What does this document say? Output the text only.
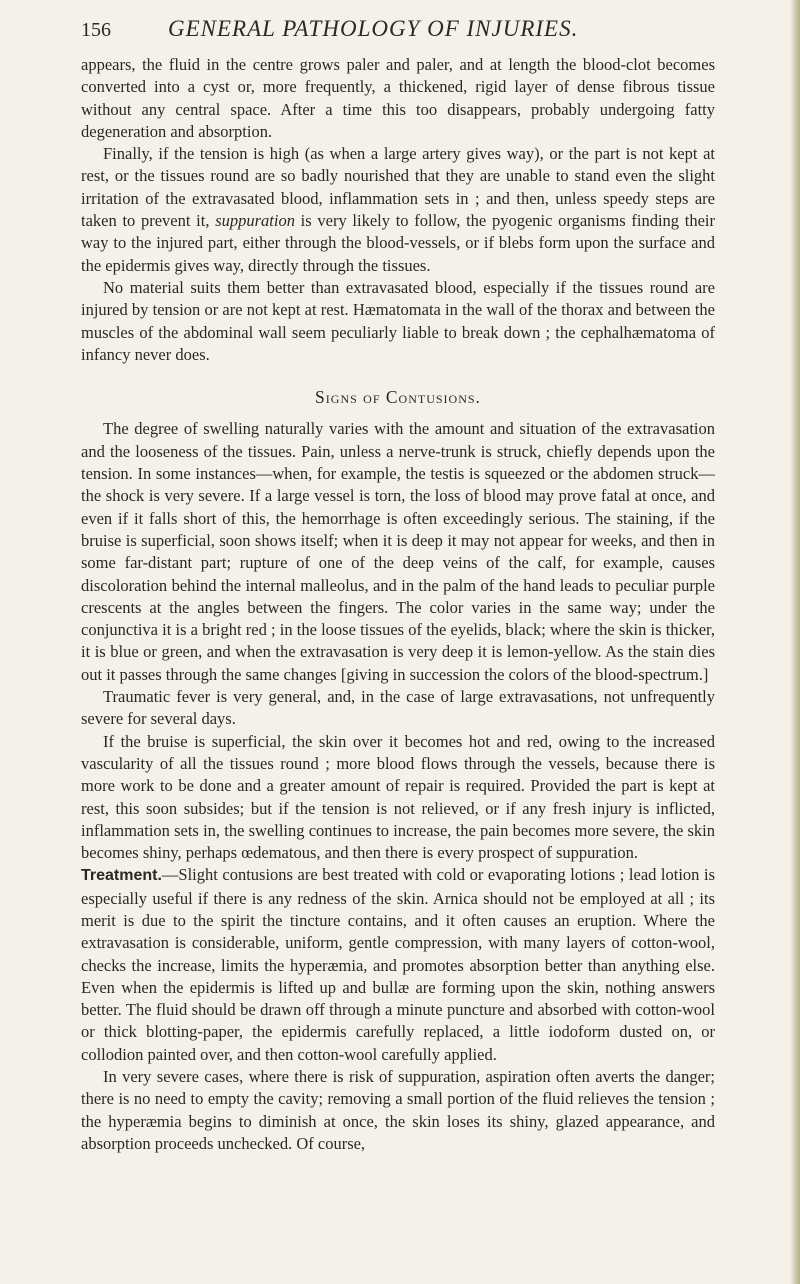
156	GENERAL PATHOLOGY OF INJURIES.

appears, the fluid in the centre grows paler and paler, and at length the blood-clot becomes converted into a cyst or, more frequently, a thickened, rigid layer of dense fibrous tissue without any central space. After a time this too disappears, probably undergoing fatty degeneration and absorption.

Finally, if the tension is high (as when a large artery gives way), or the part is not kept at rest, or the tissues round are so badly nourished that they are unable to stand even the slight irritation of the extravasated blood, inflammation sets in ; and then, unless speedy steps are taken to prevent it, suppuration is very likely to follow, the pyogenic organisms finding their way to the injured part, either through the blood-vessels, or if blebs form upon the surface and the epidermis gives way, directly through the tissues.

No material suits them better than extravasated blood, especially if the tissues round are injured by tension or are not kept at rest. Hæmatomata in the wall of the thorax and between the muscles of the abdominal wall seem peculiarly liable to break down ; the cephalhæmatoma of infancy never does.

Signs of Contusions.

The degree of swelling naturally varies with the amount and situation of the extravasation and the looseness of the tissues. Pain, unless a nerve-trunk is struck, chiefly depends upon the tension. In some instances—when, for example, the testis is squeezed or the abdomen struck—the shock is very severe. If a large vessel is torn, the loss of blood may prove fatal at once, and even if it falls short of this, the hemorrhage is often exceedingly serious. The staining, if the bruise is superficial, soon shows itself; when it is deep it may not appear for weeks, and then in some far-distant part; rupture of one of the deep veins of the calf, for example, causes discoloration behind the internal malleolus, and in the palm of the hand leads to peculiar purple crescents at the angles between the fingers. The color varies in the same way; under the conjunctiva it is a bright red ; in the loose tissues of the eyelids, black; where the skin is thicker, it is blue or green, and when the extravasation is very deep it is lemon-yellow. As the stain dies out it passes through the same changes [giving in succession the colors of the blood-spectrum.]

Traumatic fever is very general, and, in the case of large extravasations, not unfrequently severe for several days.

If the bruise is superficial, the skin over it becomes hot and red, owing to the increased vascularity of all the tissues round ; more blood flows through the vessels, because there is more work to be done and a greater amount of repair is required. Provided the part is kept at rest, this soon subsides; but if the tension is not relieved, or if any fresh injury is inflicted, inflammation sets in, the swelling continues to increase, the pain becomes more severe, the skin becomes shiny, perhaps œdematous, and then there is every prospect of suppuration.

Treatment.—Slight contusions are best treated with cold or evaporating lotions ; lead lotion is especially useful if there is any redness of the skin. Arnica should not be employed at all ; its merit is due to the spirit the tincture contains, and it often causes an eruption. Where the extravasation is considerable, uniform, gentle compression, with many layers of cotton-wool, checks the increase, limits the hyperæmia, and promotes absorption better than anything else. Even when the epidermis is lifted up and bullæ are forming upon the skin, nothing answers better. The fluid should be drawn off through a minute puncture and absorbed with cotton-wool or thick blotting-paper, the epidermis carefully replaced, a little iodoform dusted on, or collodion painted over, and then cotton-wool carefully applied.

In very severe cases, where there is risk of suppuration, aspiration often averts the danger; there is no need to empty the cavity; removing a small portion of the fluid relieves the tension ; the hyperæmia begins to diminish at once, the skin loses its shiny, glazed appearance, and absorption proceeds unchecked. Of course,
